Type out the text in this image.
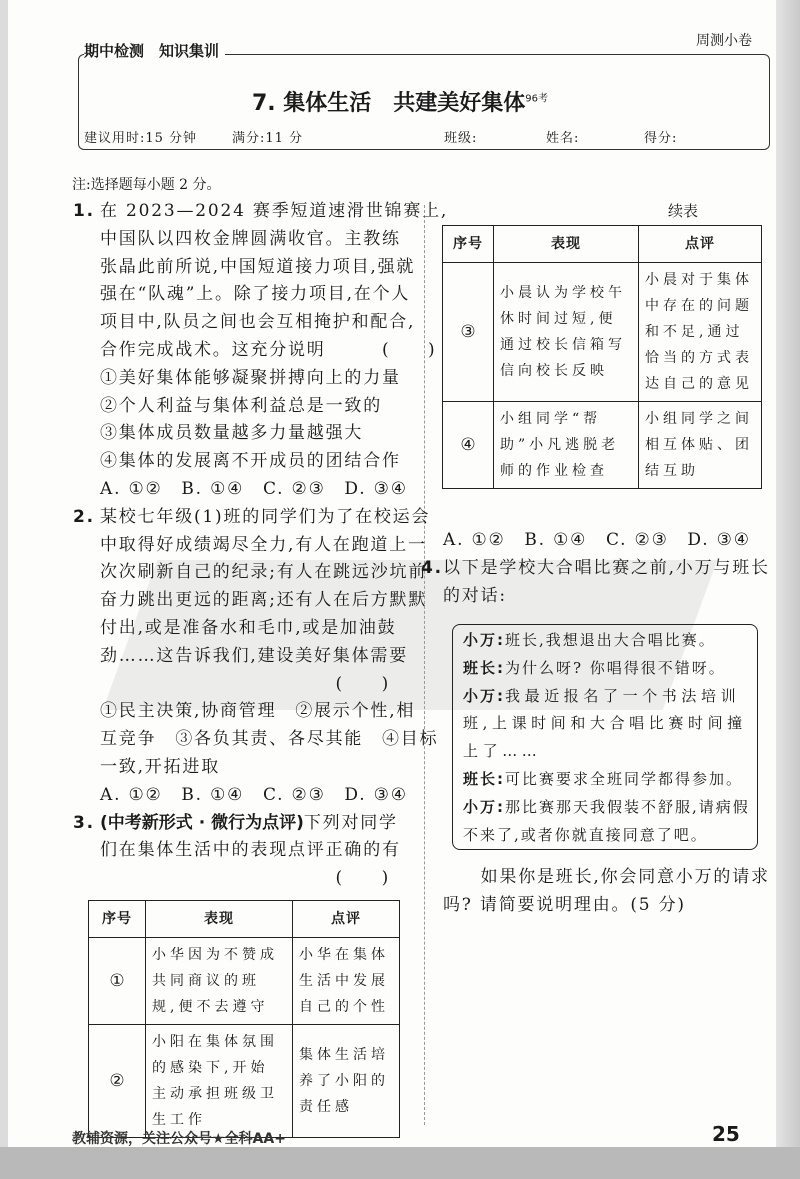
周测小卷
期中检测　知识集训
7. 集体生活　共建美好集体$^{96考}$
建议用时:15 分钟	满分:11 分	班级:	姓名:	得分:
注:选择题每小题 2 分。
1. 在 2023—2024 赛季短道速滑世锦赛上,
中国队以四枚金牌圆满收官。主教练
张晶此前所说,中国短道接力项目,强就
强在“队魂”上。除了接力项目,在个人
项目中,队员之间也会互相掩护和配合,
合作完成战术。这充分说明　　　(　　)
①美好集体能够凝聚拼搏向上的力量
②个人利益与集体利益总是一致的
③集体成员数量越多力量越强大
④集体的发展离不开成员的团结合作
A. ①②　B. ①④　C. ②③　D. ③④
2. 某校七年级(1)班的同学们为了在校运会
中取得好成绩竭尽全力,有人在跑道上一
次次刷新自己的纪录;有人在跳远沙坑前
奋力跳出更远的距离;还有人在后方默默
付出,或是准备水和毛巾,或是加油鼓
劲……这告诉我们,建设美好集体需要
(　　)
①民主决策,协商管理　②展示个性,相
互竞争　③各负其责、各尽其能　④目标
一致,开拓进取
A. ①②　B. ①④　C. ②③　D. ③④
3. (中考新形式 · 微行为点评)下列对同学
们在集体生活中的表现点评正确的有
(　　)
序号	表现	点评
①	小华因为不赞成共同商议的班规,便不去遵守	小华在集体生活中发展自己的个性
②	小阳在集体氛围的感染下,开始主动承担班级卫生工作	集体生活培养了小阳的责任感
续表
序号	表现	点评
③	小晨认为学校午休时间过短,便通过校长信箱写信向校长反映	小晨对于集体中存在的问题和不足,通过恰当的方式表达自己的意见
④	小组同学“帮助”小凡逃脱老师的作业检查	小组同学之间相互体贴、团结互助
A. ①②　B. ①④　C. ②③　D. ③④
4. 以下是学校大合唱比赛之前,小万与班长
的对话:
小万:班长,我想退出大合唱比赛。
班长:为什么呀? 你唱得很不错呀。
小万:我最近报名了一个书法培训班,上课时间和大合唱比赛时间撞上了……
班长:可比赛要求全班同学都得参加。
小万:那比赛那天我假装不舒服,请病假不来了,或者你就直接同意了吧。
　　如果你是班长,你会同意小万的请求
吗? 请简要说明理由。(5 分)
教辅资源，关注公众号★全科AA+	25
